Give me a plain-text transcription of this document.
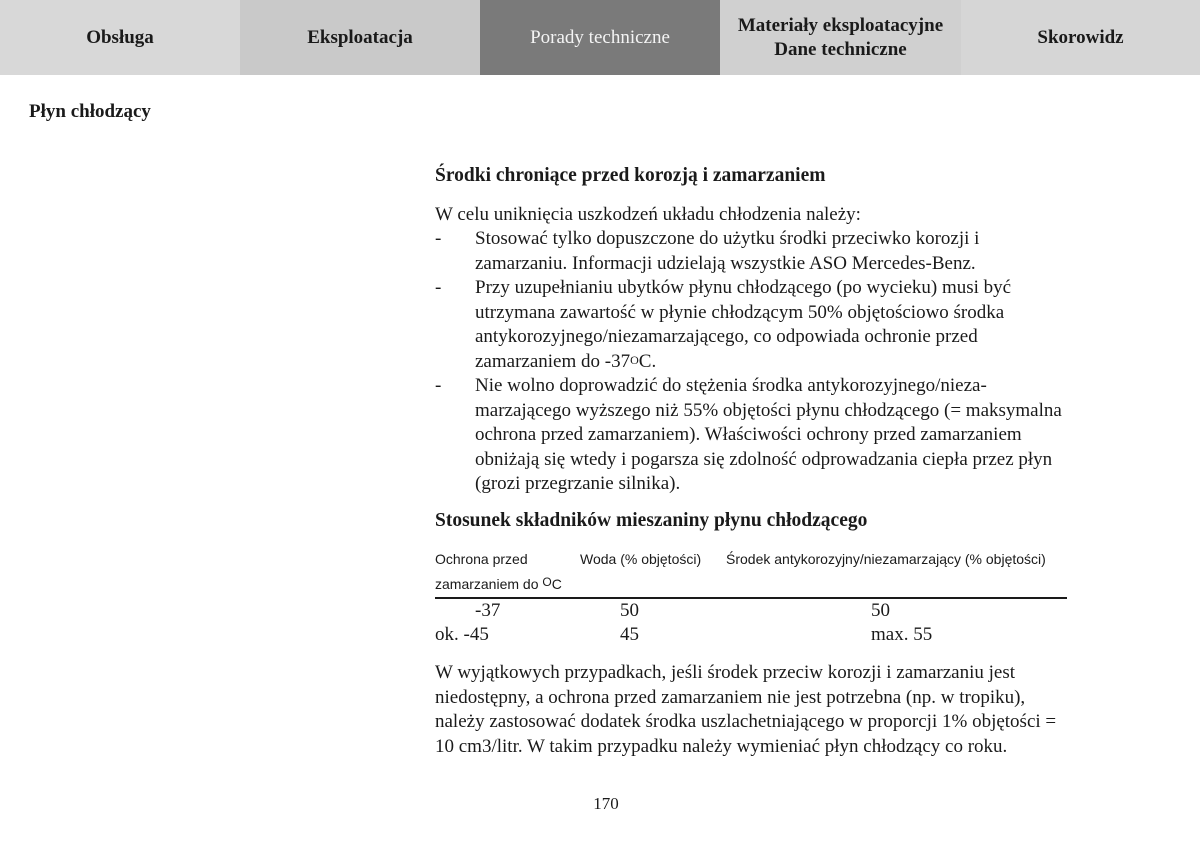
Obsługa	Eksploatacja	Porady techniczne
Materiały eksploatacyjne
Dane techniczne
Skorowidz
Płyn chłodzący
Środki chroniące przed korozją i zamarzaniem

W celu uniknięcia uszkodzeń układu chłodzenia należy:

- Stosować tylko dopuszczone do użytku środki przeciwko korozji i zamarzaniu. Informacji udzielają wszystkie ASO Mercedes-Benz.
- Przy uzupełnianiu ubytków płynu chłodzącego (po wycieku) musi być utrzymana zawartość w płynie chłodzącym 50% objętościowo środka antykorozyjnego/niezamarzającego, co odpowiada ochronie przed zamarzaniem do $-37^OC$.
- Nie wolno doprowadzić do stężenia środka antykorozyjnego/niezamarzającego wyższego niż 55% objętości płynu chłodzącego (= maksymalna ochrona przed zamarzaniem). Właściwości ochrony przed zamarzaniem obniżają się wtedy i pogarsza się zdolność odprowadzania ciepła przez płyn (grozi przegrzanie silnika).
Stosunek składników mieszaniny płynu chłodzącego
Ochrona przed
zamarzaniem do $^O$C	Woda (% objętości)	Środek antykorozyjny/niezamarzający (% objętości)
-37	50	50
ok. -45	45	max. 55

W wyjątkowych przypadkach, jeśli środek przeciw korozji i zamarzaniu jest niedostępny, a ochrona przed zamarzaniem nie jest potrzebna (np. w tropiku), należy zastosować dodatek środka uszlachetniającego w proporcji 1% objętości = 10 cm3/litr. W takim przypadku należy wymieniać płyn chłodzący co roku.

170
